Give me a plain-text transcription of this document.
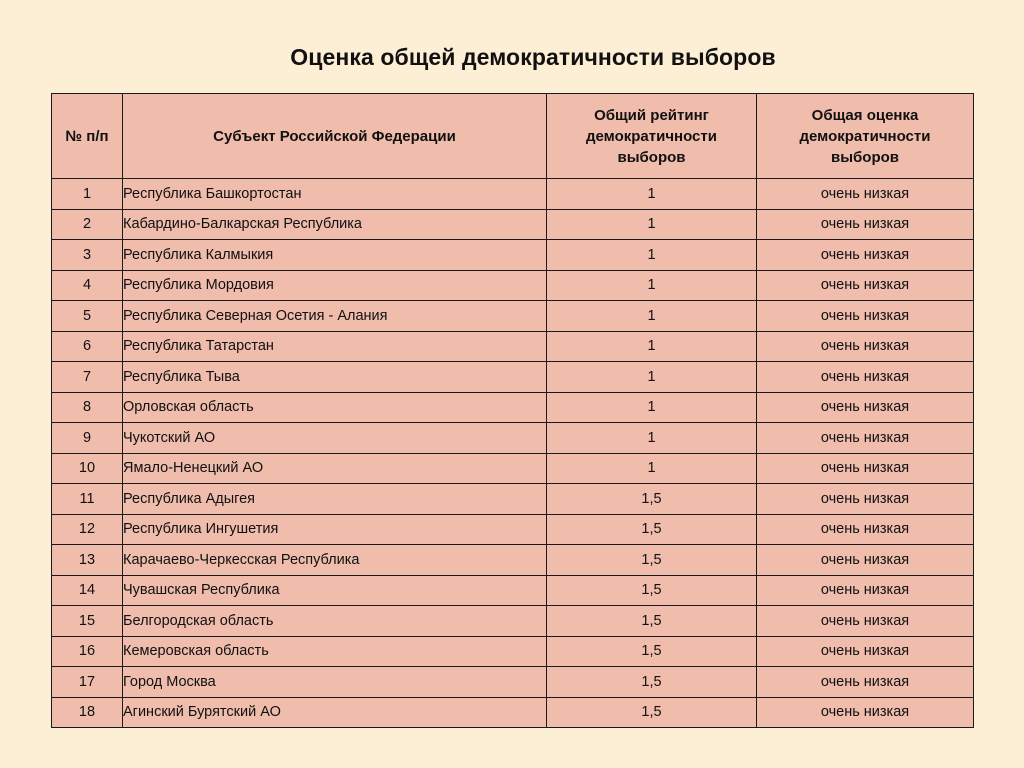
Оценка общей демократичности выборов
№ п/п	Субъект Российской Федерации	Общий рейтинг демократичности выборов	Общая оценка демократичности выборов
1	Республика Башкортостан	1	очень низкая
2	Кабардино-Балкарская Республика	1	очень низкая
3	Республика Калмыкия	1	очень низкая
4	Республика Мордовия	1	очень низкая
5	Республика Северная Осетия - Алания	1	очень низкая
6	Республика Татарстан	1	очень низкая
7	Республика Тыва	1	очень низкая
8	Орловская область	1	очень низкая
9	Чукотский АО	1	очень низкая
10	Ямало-Ненецкий АО	1	очень низкая
11	Республика Адыгея	1,5	очень низкая
12	Республика Ингушетия	1,5	очень низкая
13	Карачаево-Черкесская Республика	1,5	очень низкая
14	Чувашская Республика	1,5	очень низкая
15	Белгородская область	1,5	очень низкая
16	Кемеровская область	1,5	очень низкая
17	Город Москва	1,5	очень низкая
18	Агинский Бурятский АО	1,5	очень низкая
